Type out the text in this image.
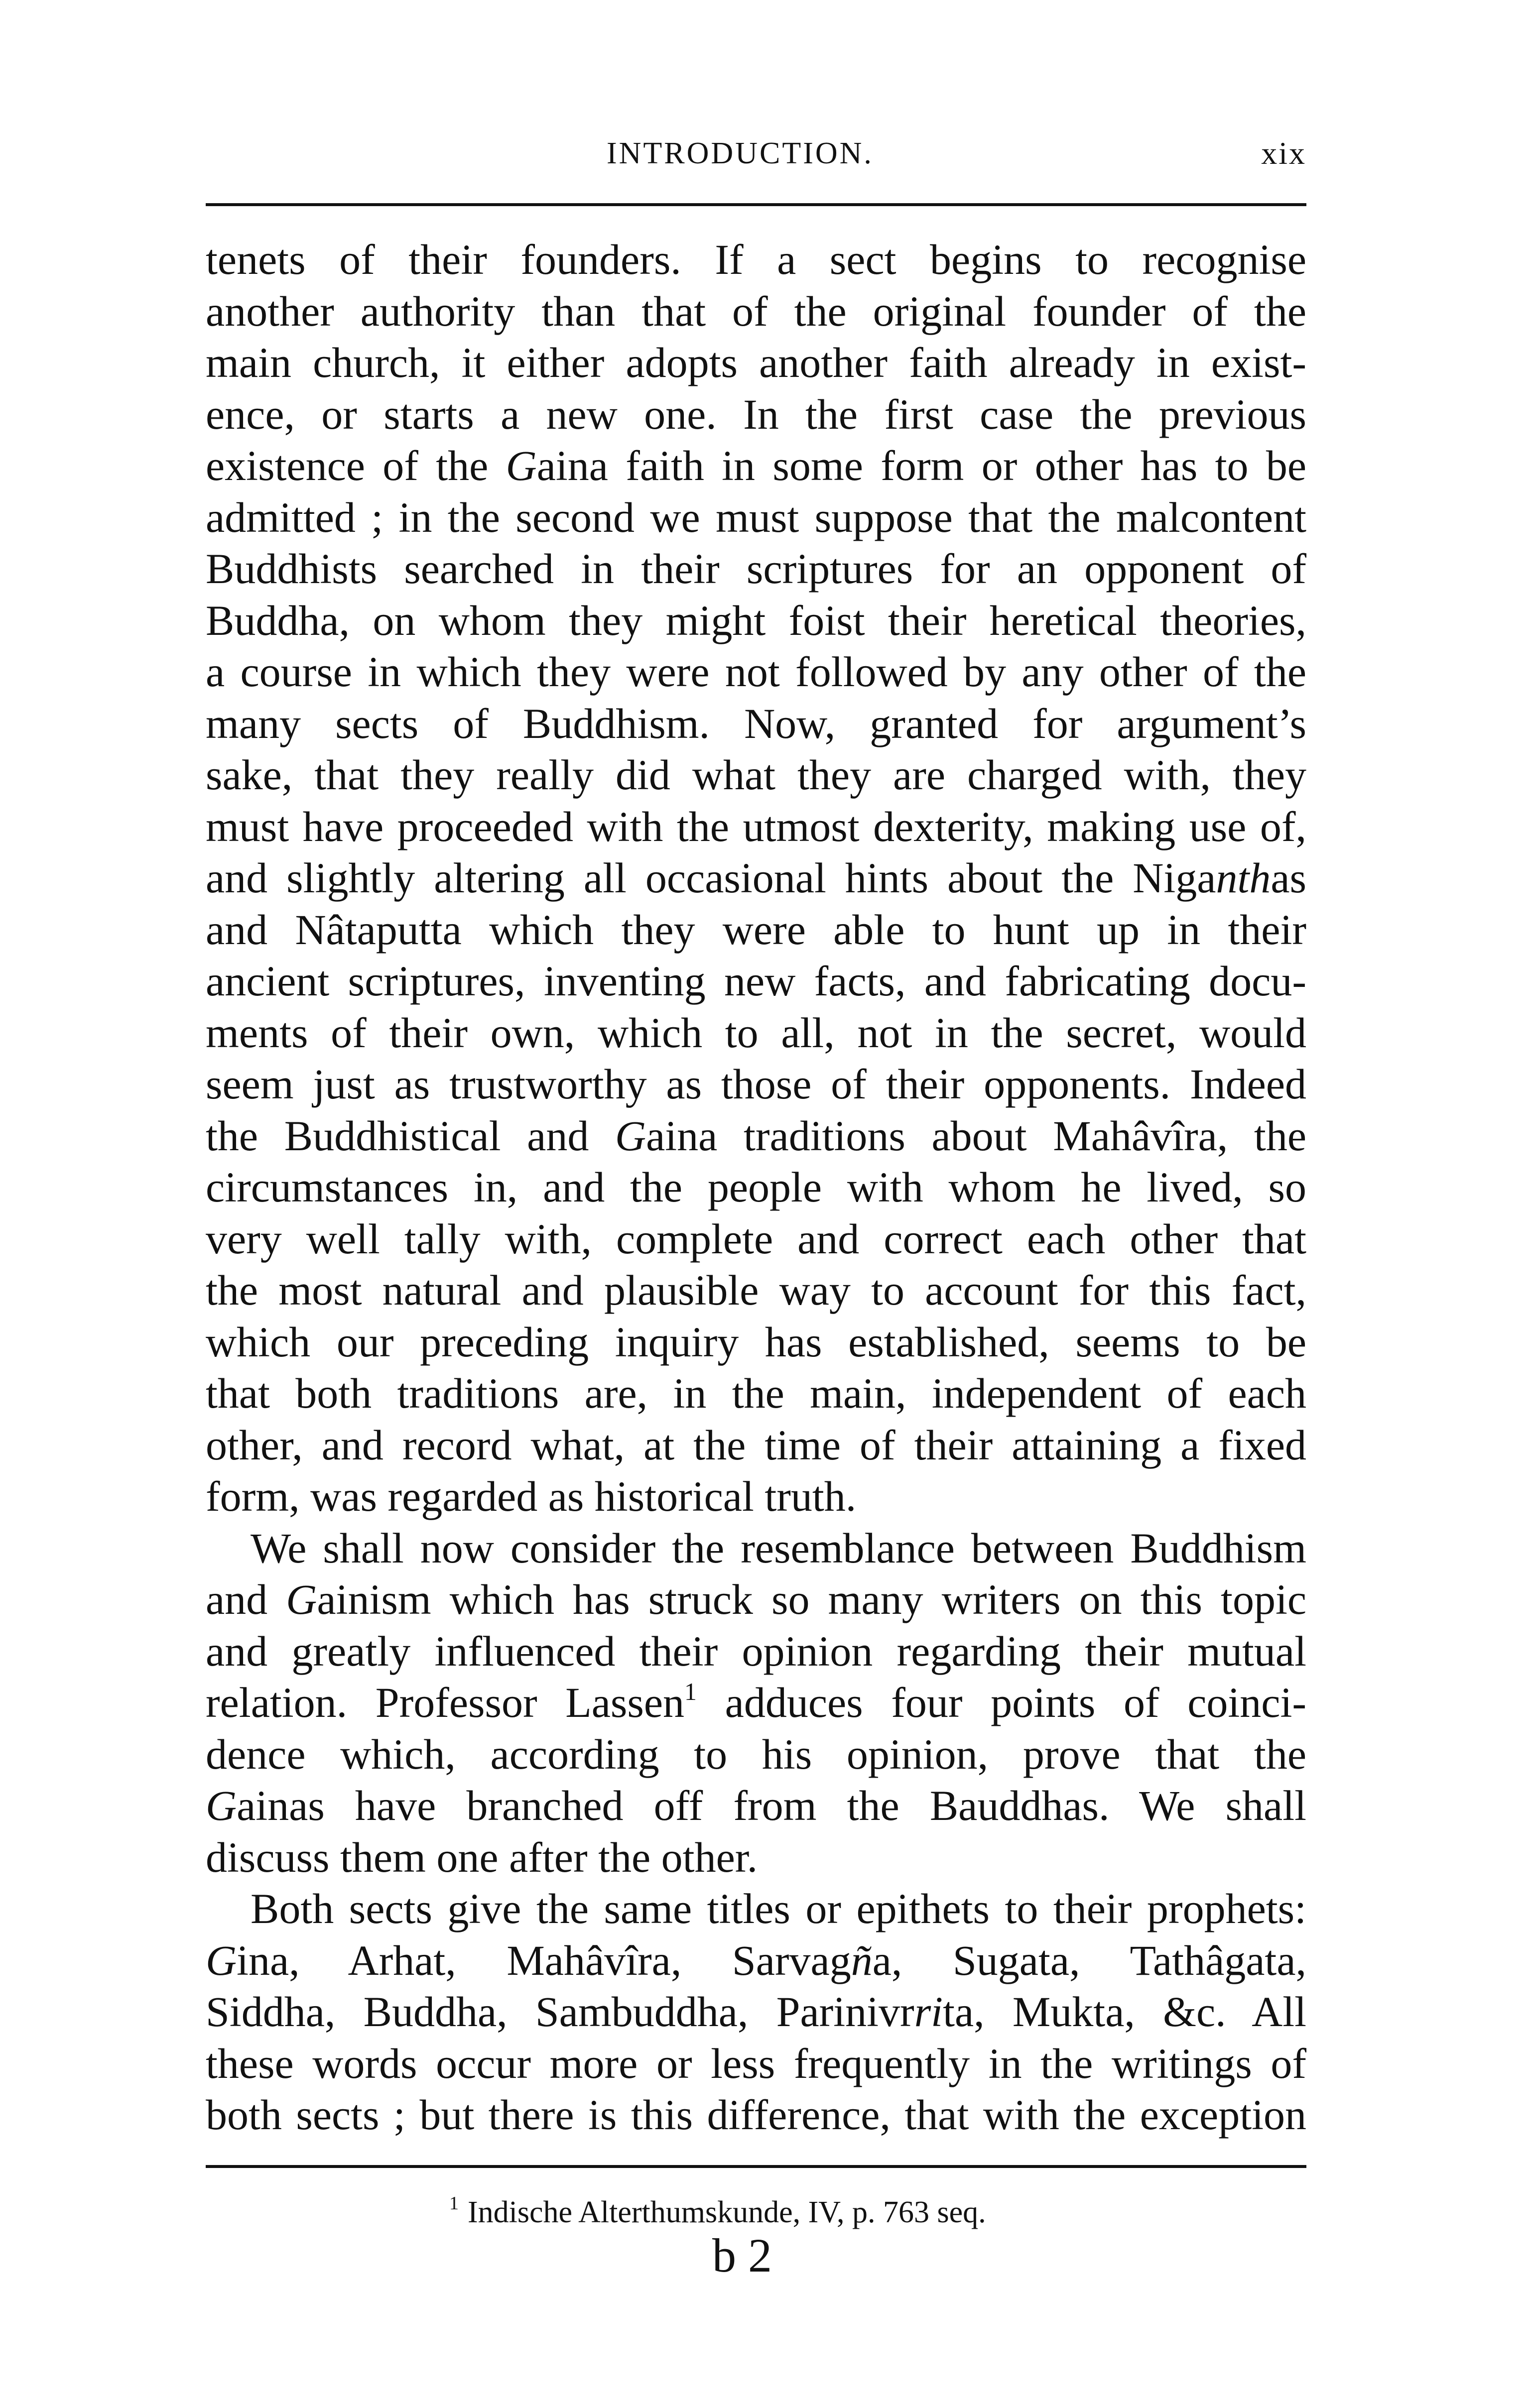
INTRODUCTION.	xix
tenets of their founders. If a sect begins to recognise
another authority than that of the original founder of the
main church, it either adopts another faith already in exist-
ence, or starts a new one. In the first case the previous
existence of the Gaina faith in some form or other has to be
admitted ; in the second we must suppose that the malcontent
Buddhists searched in their scriptures for an opponent of
Buddha, on whom they might foist their heretical theories,
a course in which they were not followed by any other of the
many sects of Buddhism. Now, granted for argument’s
sake, that they really did what they are charged with, they
must have proceeded with the utmost dexterity, making use of,
and slightly altering all occasional hints about the Niganthas
and Nâtaputta which they were able to hunt up in their
ancient scriptures, inventing new facts, and fabricating docu-
ments of their own, which to all, not in the secret, would
seem just as trustworthy as those of their opponents. Indeed
the Buddhistical and Gaina traditions about Mahâvîra, the
circumstances in, and the people with whom he lived, so
very well tally with, complete and correct each other that
the most natural and plausible way to account for this fact,
which our preceding inquiry has established, seems to be
that both traditions are, in the main, independent of each
other, and record what, at the time of their attaining a fixed
form, was regarded as historical truth.
We shall now consider the resemblance between Buddhism
and Gainism which has struck so many writers on this topic
and greatly influenced their opinion regarding their mutual
relation. Professor Lassen$^1$ adduces four points of coinci-
dence which, according to his opinion, prove that the
Gainas have branched off from the Bauddhas. We shall
discuss them one after the other.
Both sects give the same titles or epithets to their prophets:
Gina, Arhat, Mahâvîra, Sarvagña, Sugata, Tathâgata,
Siddha, Buddha, Sambuddha, Parinivrrita, Mukta, &c. All
these words occur more or less frequently in the writings of
both sects ; but there is this difference, that with the exception
$^1$ Indische Alterthumskunde, IV, p. 763 seq.
b 2
